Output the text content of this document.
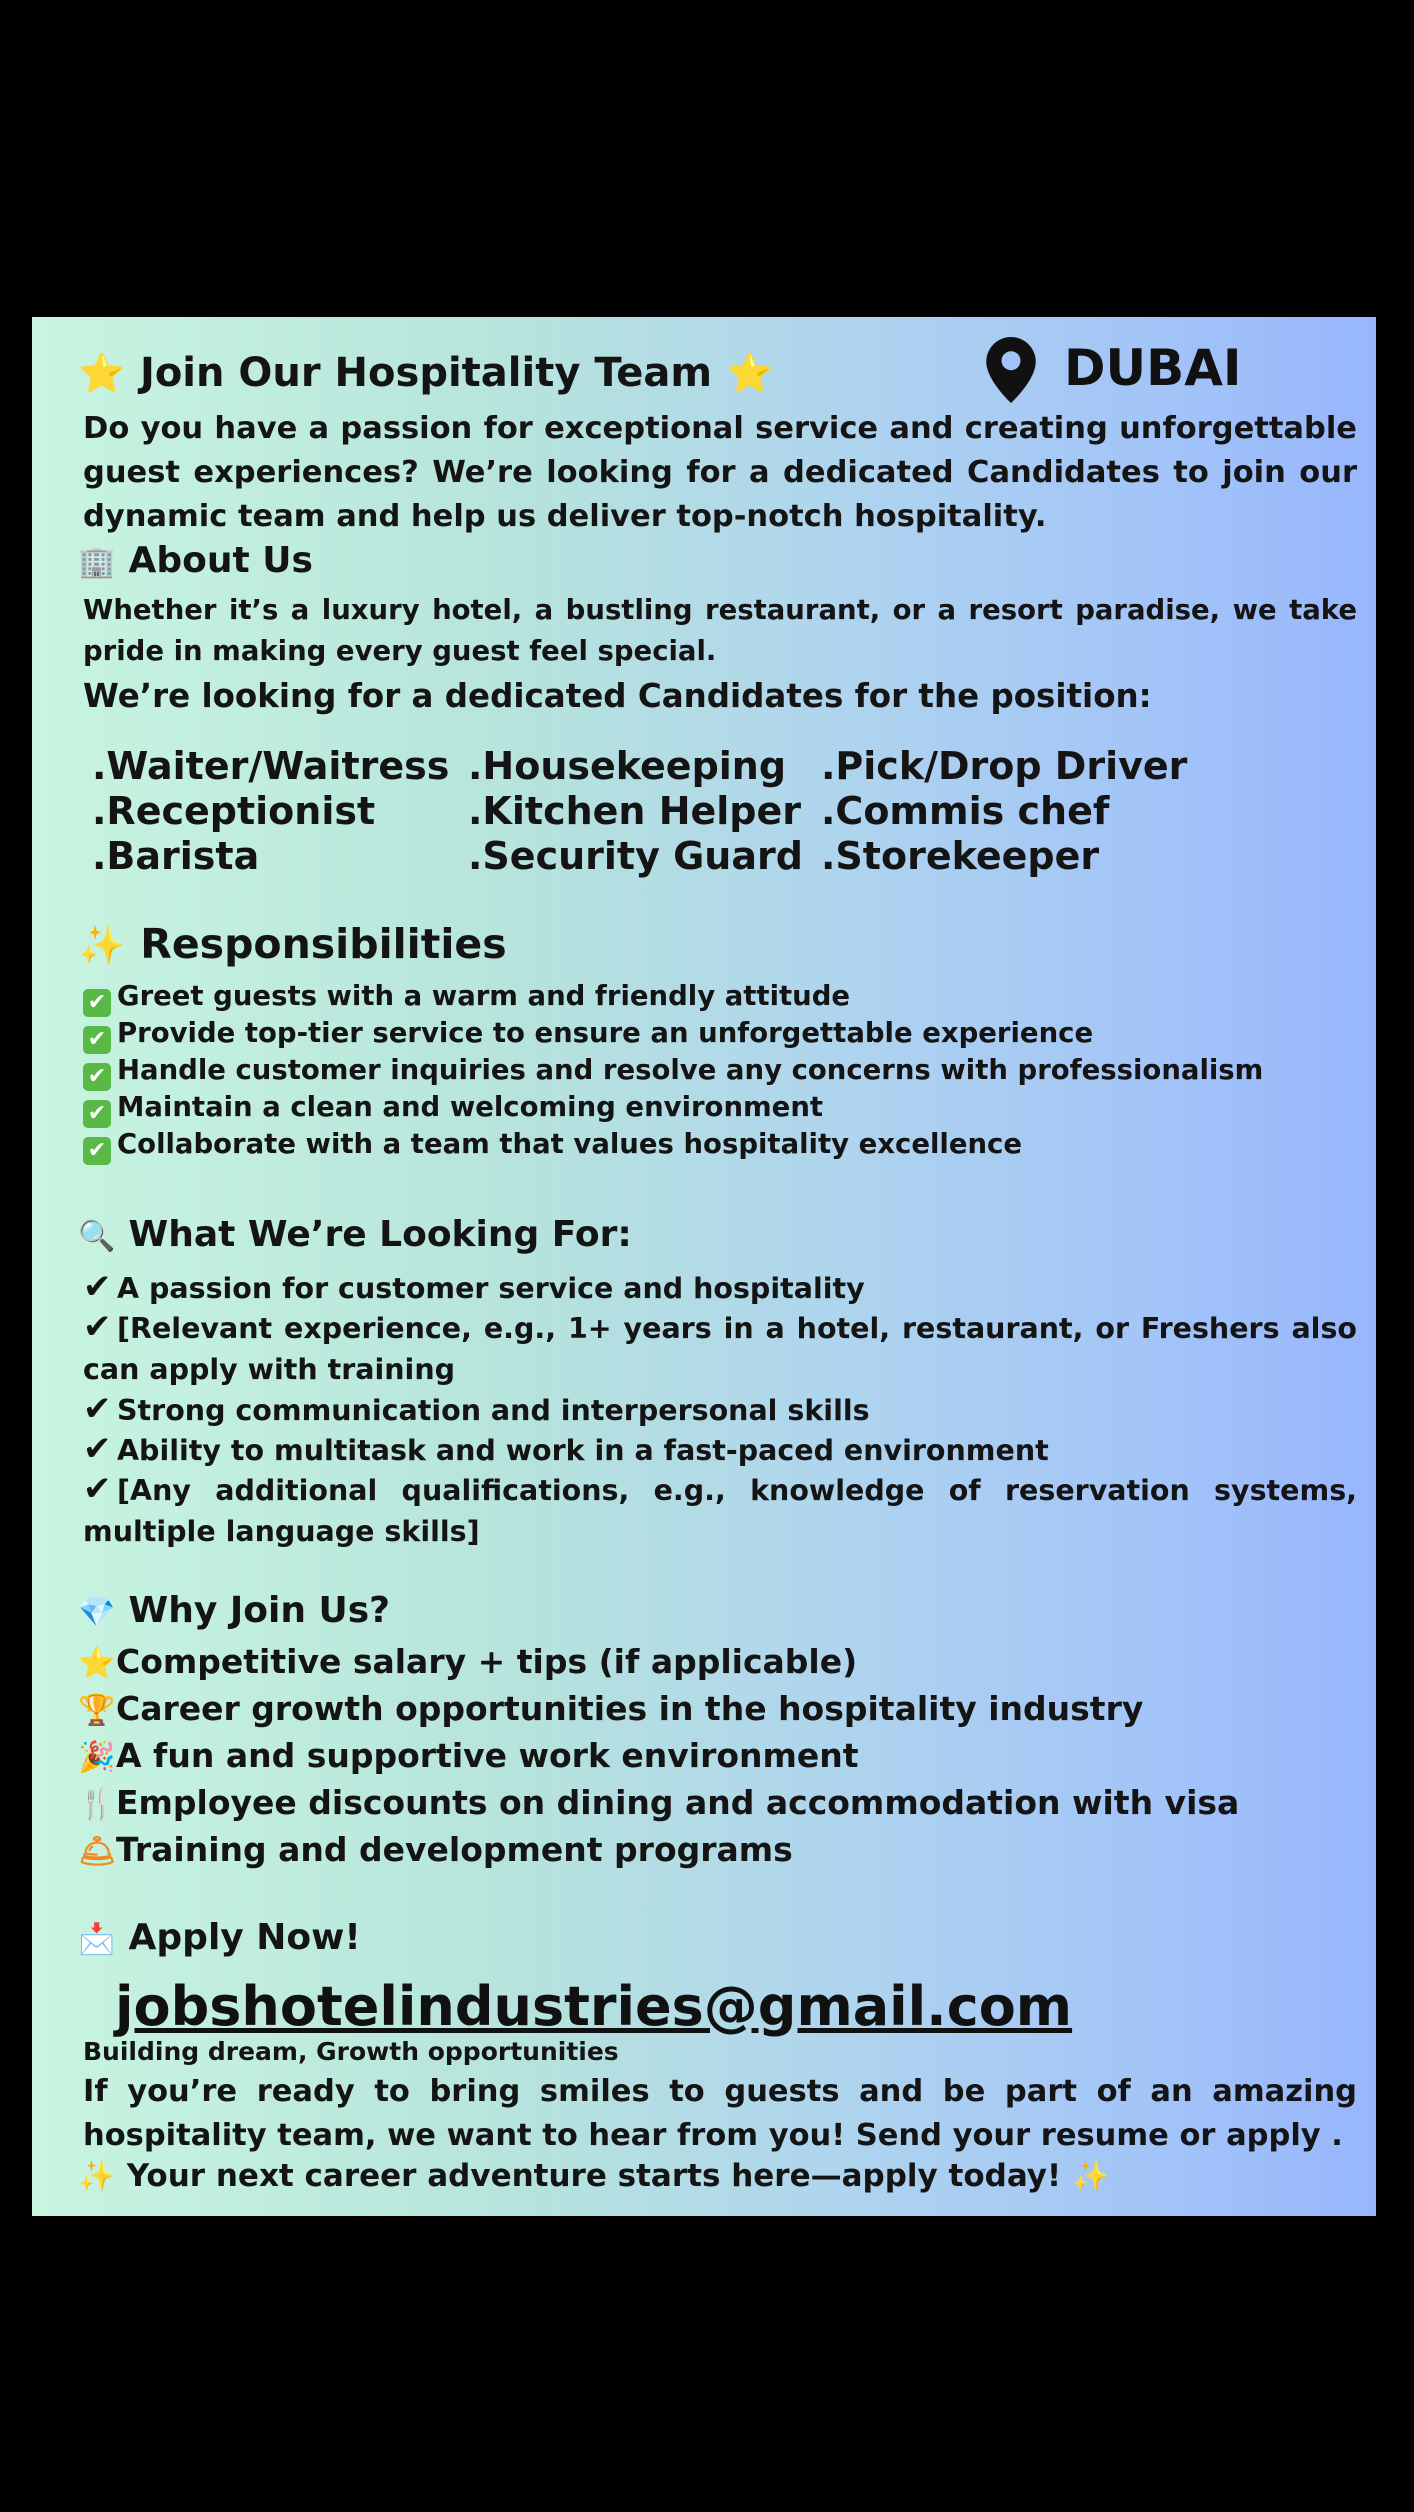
⭐ Join Our Hospitality Team ⭐	DUBAI

Do you have a passion for exceptional service and creating unforgettable guest experiences? We’re looking for a dedicated Candidates to join our dynamic team and help us deliver top-notch hospitality.

🏢 About Us

Whether it’s a luxury hotel, a bustling restaurant, or a resort paradise, we take pride in making every guest feel special.

We’re looking for a dedicated Candidates for the position:

.Waiter/Waitress

.Receptionist

.Barista

.Housekeeping

.Kitchen Helper

.Security Guard

.Pick/Drop Driver

.Commis chef

.Storekeeper

✨ Responsibilities

✔ Greet guests with a warm and friendly attitude

✔ Provide top-tier service to ensure an unforgettable experience

✔ Handle customer inquiries and resolve any concerns with professionalism

✔ Maintain a clean and welcoming environment

✔ Collaborate with a team that values hospitality excellence

🔍 What We’re Looking For:

✔ A passion for customer service and hospitality

✔ [Relevant experience, e.g., 1+ years in a hotel, restaurant, or Freshers also can apply with training

✔ Strong communication and interpersonal skills

✔ Ability to multitask and work in a fast-paced environment

✔ [Any additional qualifications, e.g., knowledge of reservation systems, multiple language skills]

💎 Why Join Us?

⭐Competitive salary + tips (if applicable)

🏆Career growth opportunities in the hospitality industry

🎉A fun and supportive work environment

🍴Employee discounts on dining and accommodation with visa

🛎Training and development programs

📩 Apply Now!

jobshotelindustries@gmail.com

Building dream, Growth opportunities

If you’re ready to bring smiles to guests and be part of an amazing hospitality team, we want to hear from you! Send your resume or apply .

✨ Your next career adventure starts here—apply today! ✨
